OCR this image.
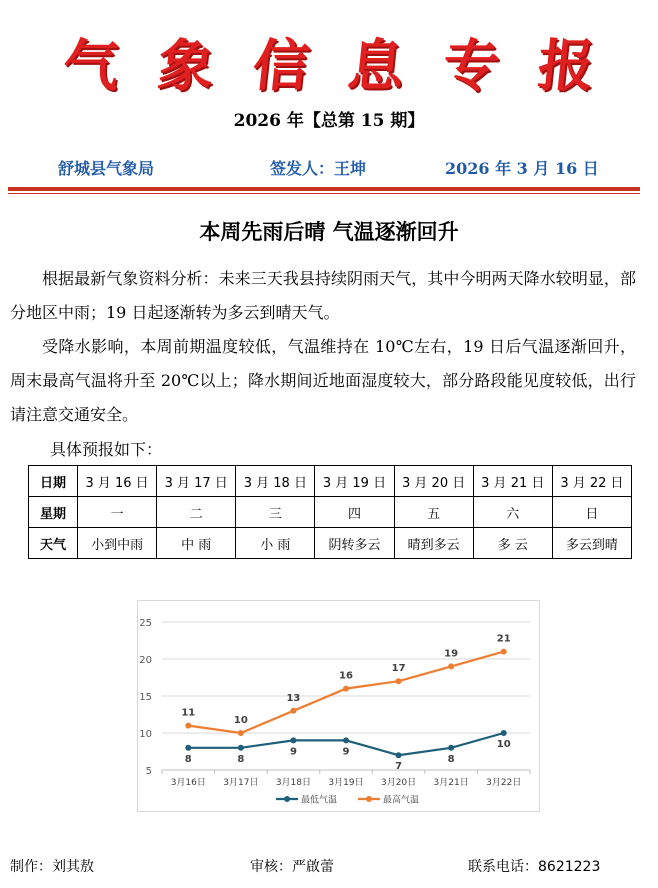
气 象 信 息 专 报
2026 年【总第 15 期】
舒城县气象局	签发人：王坤	2026 年 3 月 16 日
本周先雨后晴 气温逐渐回升
根据最新气象资料分析：未来三天我县持续阴雨天气，其中今明两天降水较明显，部分地区中雨；19 日起逐渐转为多云到晴天气。
受降水影响，本周前期温度较低，气温维持在 10℃左右，19 日后气温逐渐回升，周末最高气温将升至 20℃以上；降水期间近地面湿度较大，部分路段能见度较低，出行请注意交通安全。
具体预报如下：
日期	3 月 16 日	3 月 17 日	3 月 18 日	3 月 19 日	3 月 20 日	3 月 21 日	3 月 22 日
星期	一	二	三	四	五	六	日
天气	小到中雨	中 雨	小 雨	阴转多云	晴到多云	多 云	多云到晴
5
10
15
20
25
3月16日 3月17日 3月18日 3月19日 3月20日 3月21日 3月22日
8	8
9	9
7
8
10
11
10
13
16
17
19
21
最低气温	最高气温
制作：刘其敖	审核：严啟蕾	联系电话：8621223
